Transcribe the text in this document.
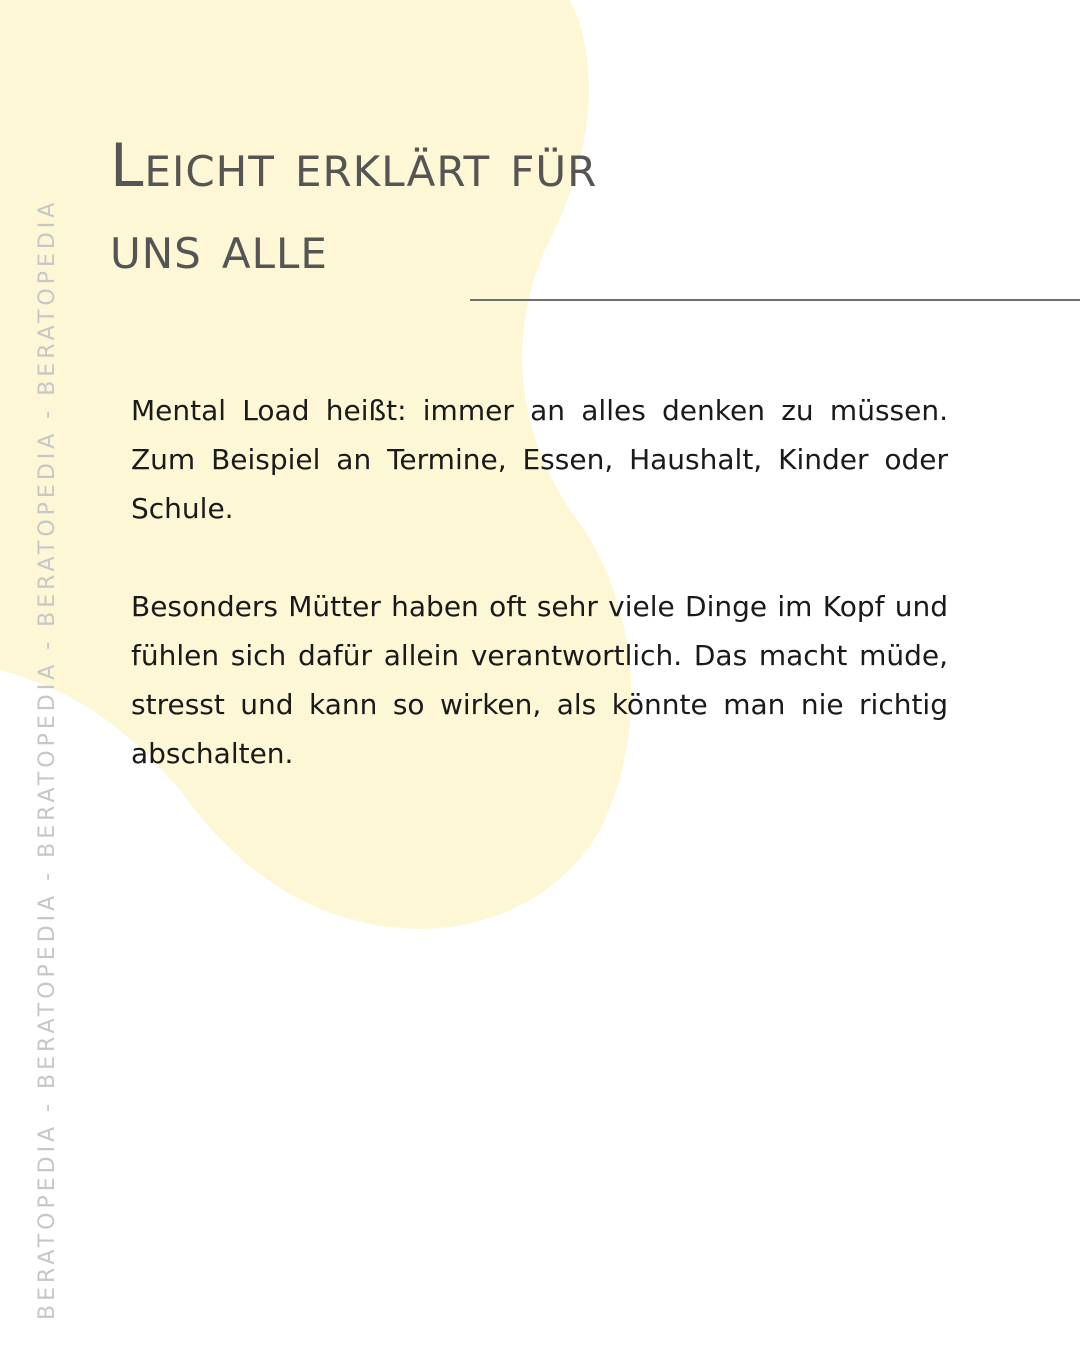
BERATOPEDIA - BERATOPEDIA - BERATOPEDIA - BERATOPEDIA - BERATOPEDIA
Leicht erklärt für
uns alle

Mental Load heißt: immer an alles denken zu müssen. Zum Beispiel an Termine, Essen, Haushalt, Kinder oder Schule.

Besonders Mütter haben oft sehr viele Dinge im Kopf und fühlen sich dafür allein verantwortlich. Das macht müde, stresst und kann so wirken, als könnte man nie richtig abschalten.
